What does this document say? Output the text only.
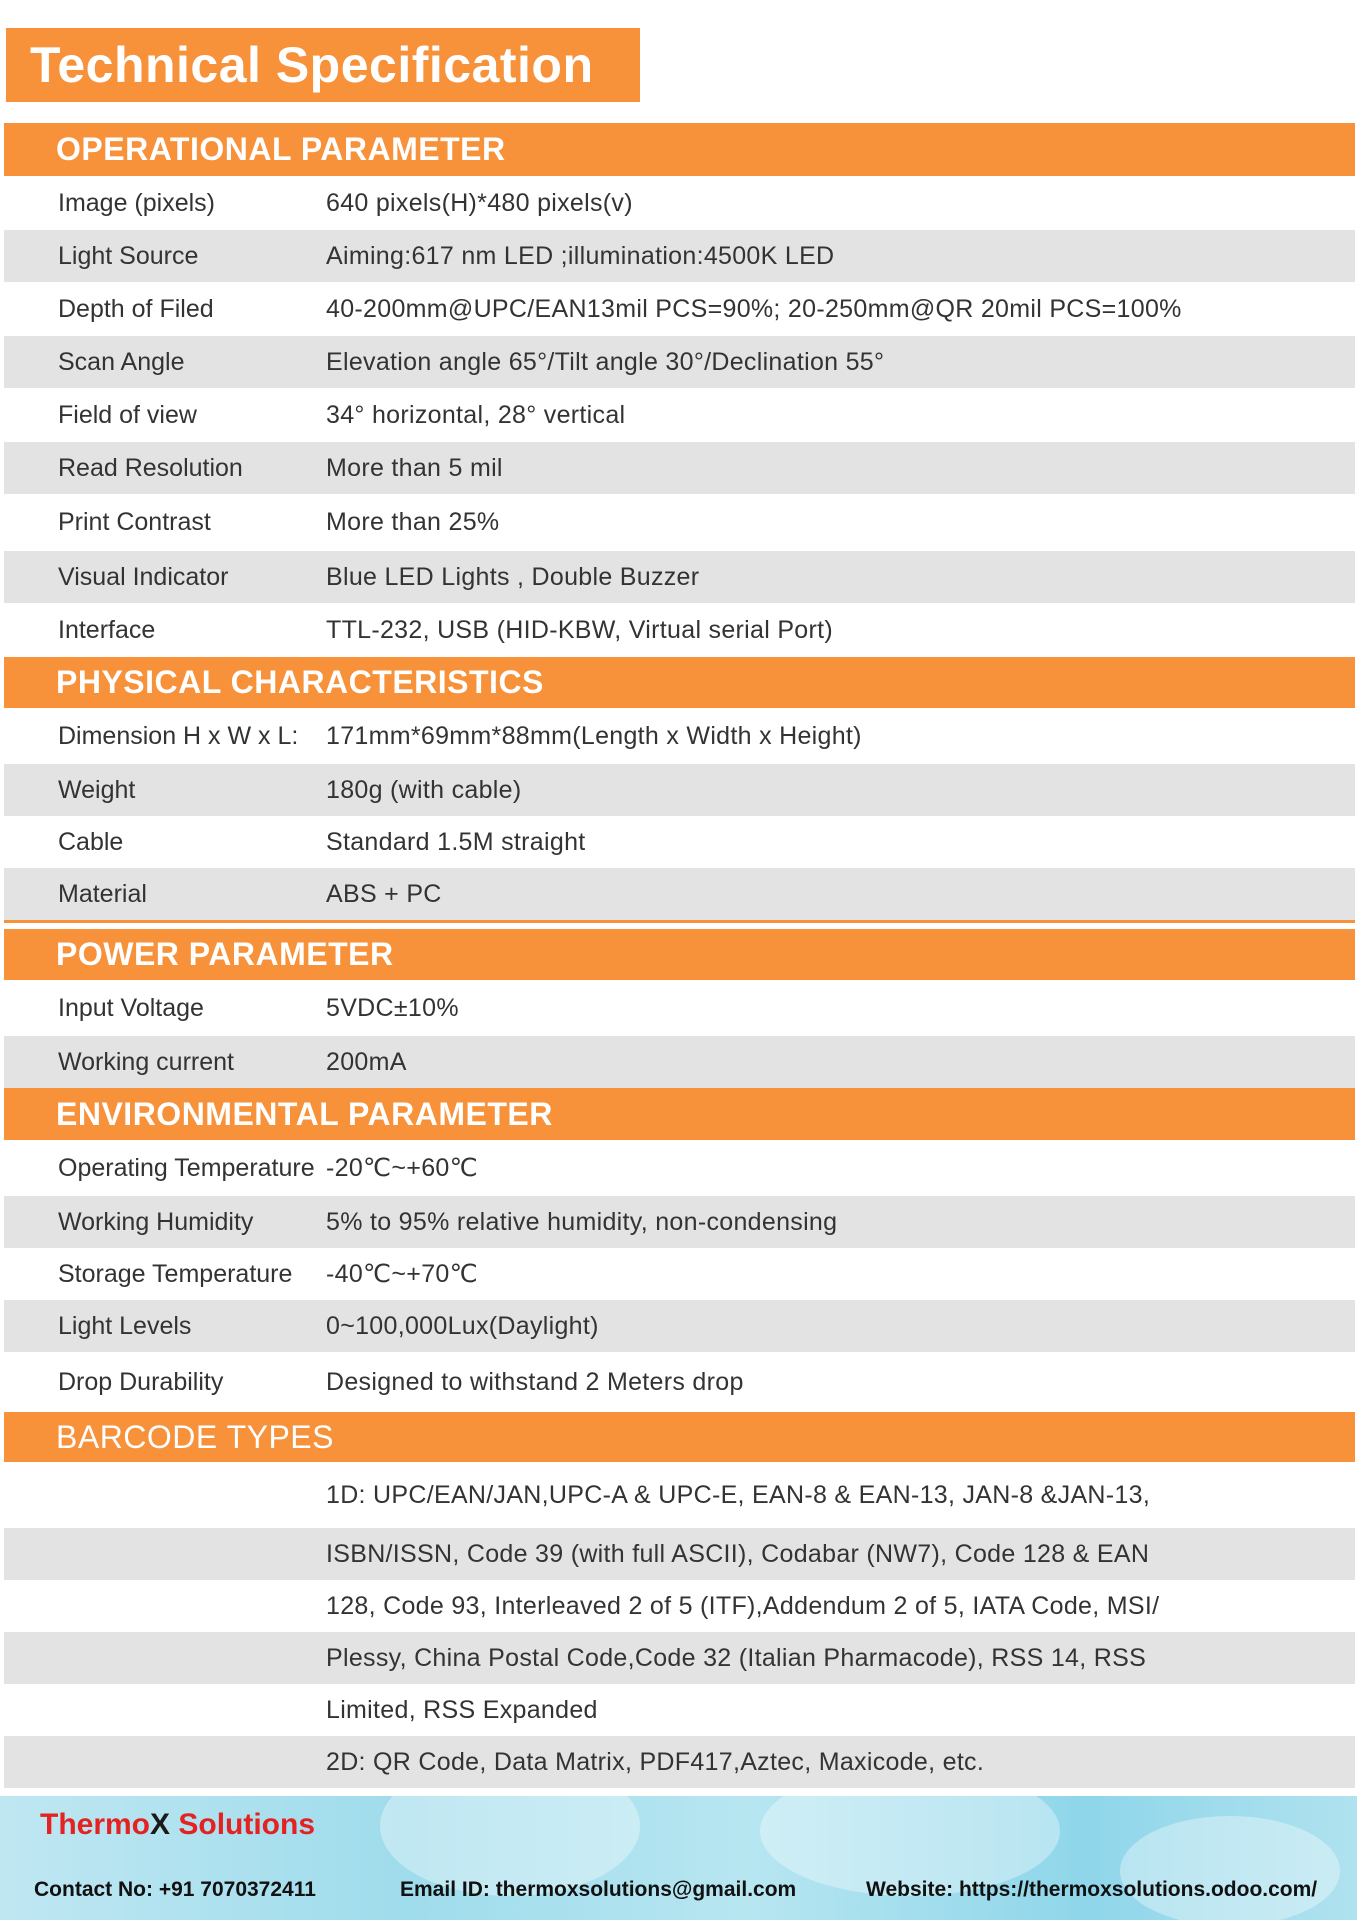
Technical Specification
OPERATIONAL PARAMETER
Image (pixels)	640 pixels(H)*480 pixels(v)
Light Source	Aiming:617 nm LED ;illumination:4500K LED
Depth of Filed	40-200mm@UPC/EAN13mil PCS=90%; 20-250mm@QR 20mil PCS=100%
Scan Angle	Elevation angle 65°/Tilt angle 30°/Declination 55°
Field of view	34° horizontal, 28° vertical
Read Resolution	More than 5 mil
Print Contrast	More than 25%
Visual Indicator	Blue LED Lights , Double Buzzer
Interface	TTL-232, USB (HID-KBW, Virtual serial Port)
PHYSICAL CHARACTERISTICS
Dimension H x W x L:	171mm*69mm*88mm(Length x Width x Height)
Weight	180g (with cable)
Cable	Standard 1.5M straight
Material	ABS + PC
POWER PARAMETER
Input Voltage	5VDC±10%
Working current	200mA
ENVIRONMENTAL PARAMETER
Operating Temperature -20℃~+60℃
Working Humidity	5% to 95% relative humidity, non-condensing
Storage Temperature	-40℃~+70℃
Light Levels	0~100,000Lux(Daylight)
Drop Durability	Designed to withstand 2 Meters drop
BARCODE TYPES
1D: UPC/EAN/JAN,UPC-A & UPC-E, EAN-8 & EAN-13, JAN-8 &JAN-13,
ISBN/ISSN, Code 39 (with full ASCII), Codabar (NW7), Code 128 & EAN
128, Code 93, Interleaved 2 of 5 (ITF),Addendum 2 of 5, IATA Code, MSI/
Plessy, China Postal Code,Code 32 (Italian Pharmacode), RSS 14, RSS
Limited, RSS Expanded
2D: QR Code, Data Matrix, PDF417,Aztec, Maxicode, etc.
ThermoX Solutions
Contact No: +91 7070372411	Email ID: thermoxsolutions@gmail.com	Website: https://thermoxsolutions.odoo.com/
